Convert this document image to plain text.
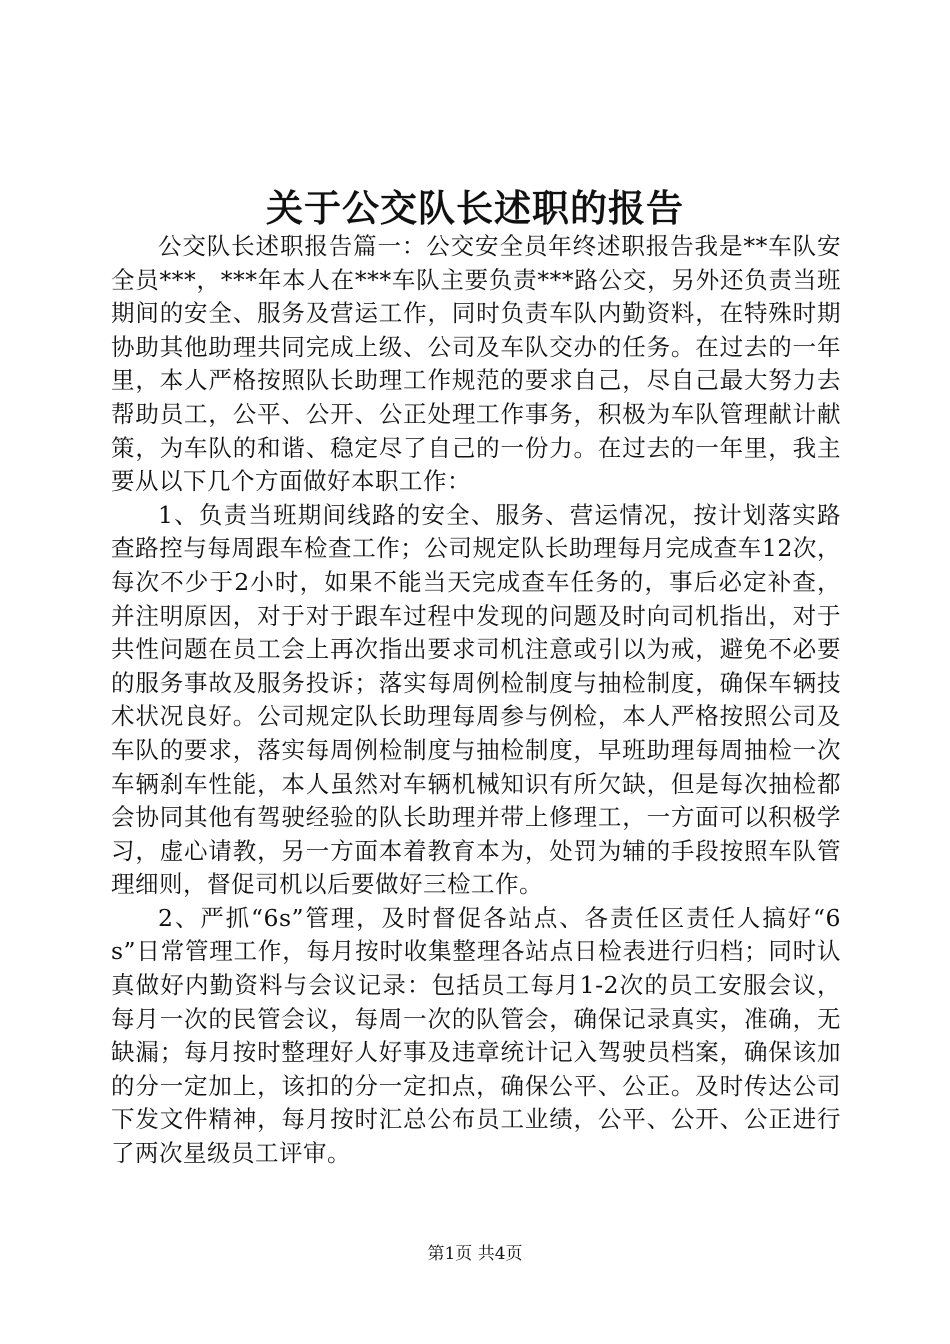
关于公交队长述职的报告

公交队长述职报告篇一：公交安全员年终述职报告我是**车队安全员***，***年本人在***车队主要负责***路公交，另外还负责当班期间的安全、服务及营运工作，同时负责车队内勤资料，在特殊时期协助其他助理共同完成上级、公司及车队交办的任务。在过去的一年里，本人严格按照队长助理工作规范的要求自己，尽自己最大努力去帮助员工，公平、公开、公正处理工作事务，积极为车队管理献计献策，为车队的和谐、稳定尽了自己的一份力。在过去的一年里，我主要从以下几个方面做好本职工作：

1、负责当班期间线路的安全、服务、营运情况，按计划落实路查路控与每周跟车检查工作；公司规定队长助理每月完成查车12次，每次不少于2小时，如果不能当天完成查车任务的，事后必定补查，并注明原因，对于对于跟车过程中发现的问题及时向司机指出，对于共性问题在员工会上再次指出要求司机注意或引以为戒，避免不必要的服务事故及服务投诉；落实每周例检制度与抽检制度，确保车辆技术状况良好。公司规定队长助理每周参与例检，本人严格按照公司及车队的要求，落实每周例检制度与抽检制度，早班助理每周抽检一次车辆刹车性能，本人虽然对车辆机械知识有所欠缺，但是每次抽检都会协同其他有驾驶经验的队长助理并带上修理工，一方面可以积极学习，虚心请教，另一方面本着教育本为，处罚为辅的手段按照车队管理细则，督促司机以后要做好三检工作。

2、严抓“6s”管理，及时督促各站点、各责任区责任人搞好“6s”日常管理工作，每月按时收集整理各站点日检表进行归档；同时认真做好内勤资料与会议记录：包括员工每月1-2次的员工安服会议，每月一次的民管会议，每周一次的队管会，确保记录真实，准确，无缺漏；每月按时整理好人好事及违章统计记入驾驶员档案，确保该加的分一定加上，该扣的分一定扣点，确保公平、公正。及时传达公司下发文件精神，每月按时汇总公布员工业绩，公平、公开、公正进行了两次星级员工评审。

第1页 共4页
